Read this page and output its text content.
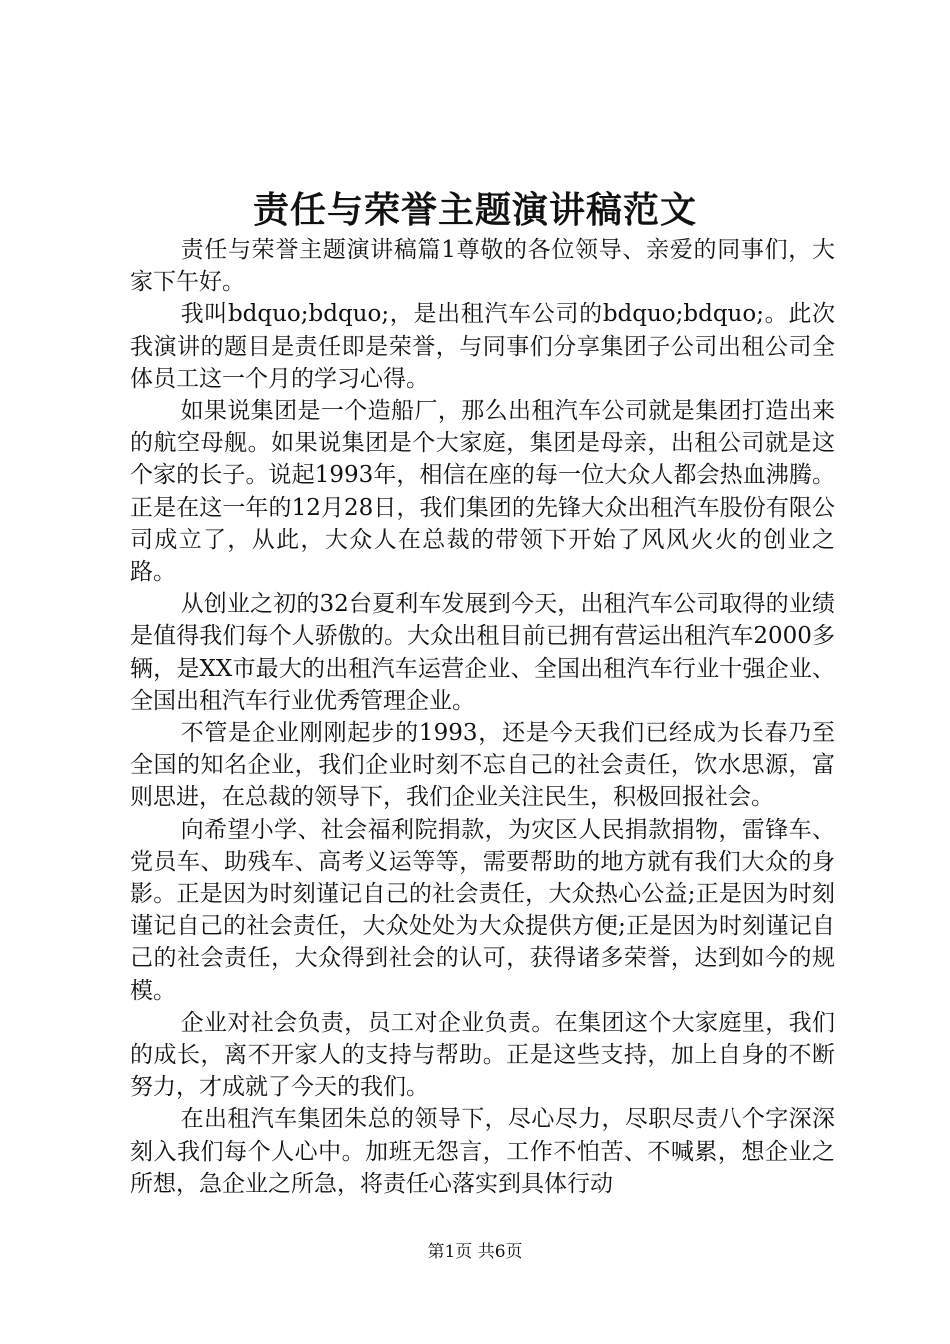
责任与荣誉主题演讲稿范文

责任与荣誉主题演讲稿篇1尊敬的各位领导、亲爱的同事们，大家下午好。

我叫bdquo;bdquo;，是出租汽车公司的bdquo;bdquo;。此次我演讲的题目是责任即是荣誉，与同事们分享集团子公司出租公司全体员工这一个月的学习心得。

如果说集团是一个造船厂，那么出租汽车公司就是集团打造出来的航空母舰。如果说集团是个大家庭，集团是母亲，出租公司就是这个家的长子。说起1993年，相信在座的每一位大众人都会热血沸腾。正是在这一年的12月28日，我们集团的先锋大众出租汽车股份有限公司成立了，从此，大众人在总裁的带领下开始了风风火火的创业之路。

从创业之初的32台夏利车发展到今天，出租汽车公司取得的业绩是值得我们每个人骄傲的。大众出租目前已拥有营运出租汽车2000多辆，是XX市最大的出租汽车运营企业、全国出租汽车行业十强企业、全国出租汽车行业优秀管理企业。

不管是企业刚刚起步的1993，还是今天我们已经成为长春乃至全国的知名企业，我们企业时刻不忘自己的社会责任，饮水思源，富则思进，在总裁的领导下，我们企业关注民生，积极回报社会。

向希望小学、社会福利院捐款，为灾区人民捐款捐物，雷锋车、党员车、助残车、高考义运等等，需要帮助的地方就有我们大众的身影。正是因为时刻谨记自己的社会责任，大众热心公益;正是因为时刻谨记自己的社会责任，大众处处为大众提供方便;正是因为时刻谨记自己的社会责任，大众得到社会的认可，获得诸多荣誉，达到如今的规模。

企业对社会负责，员工对企业负责。在集团这个大家庭里，我们的成长，离不开家人的支持与帮助。正是这些支持，加上自身的不断努力，才成就了今天的我们。

在出租汽车集团朱总的领导下，尽心尽力，尽职尽责八个字深深刻入我们每个人心中。加班无怨言，工作不怕苦、不喊累，想企业之所想，急企业之所急，将责任心落实到具体行动

第1页 共6页
